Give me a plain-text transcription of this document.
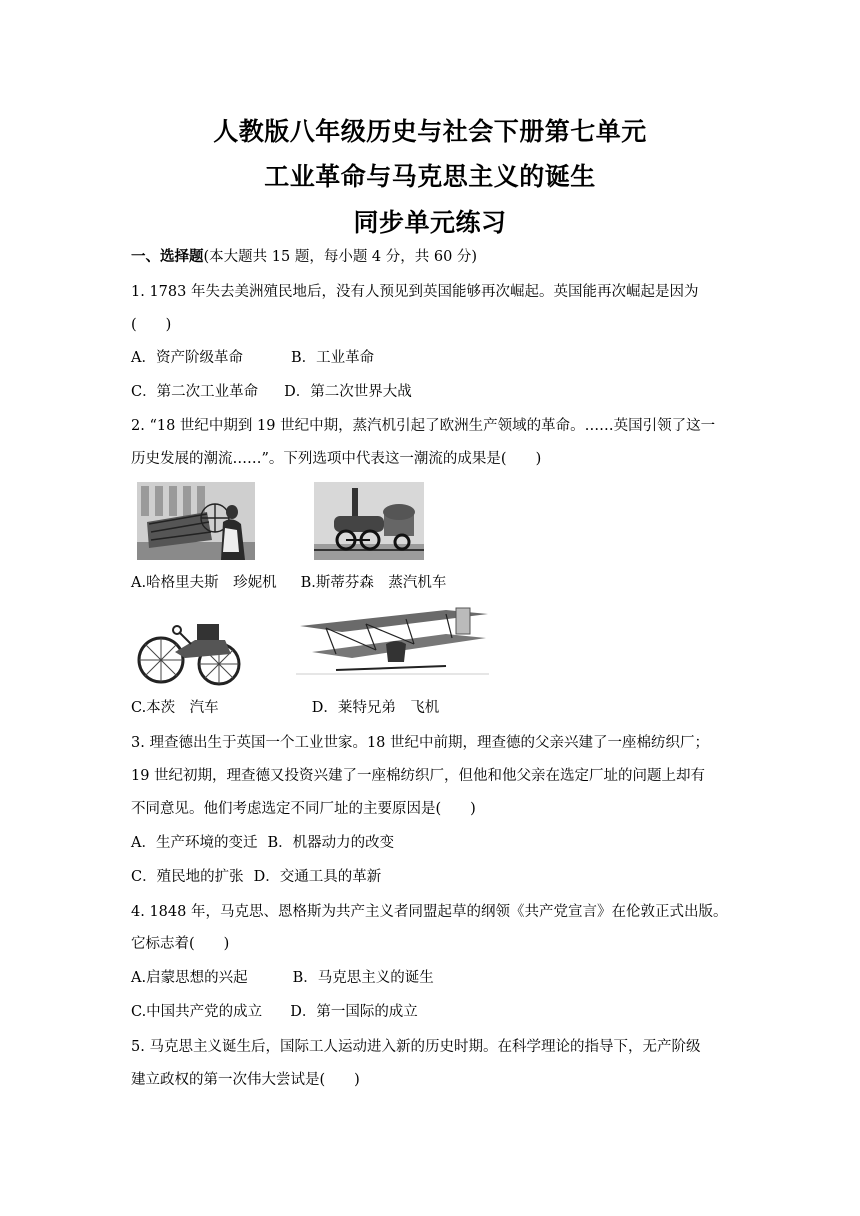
人教版八年级历史与社会下册第七单元
工业革命与马克思主义的诞生
同步单元练习
一、选择题(本大题共 15 题，每小题 4 分，共 60 分)
1. 1783 年失去美洲殖民地后，没有人预见到英国能够再次崛起。英国能再次崛起是因为
(　　)
A．资产阶级革命	B．工业革命
C．第二次工业革命 D．第二次世界大战
2. “18 世纪中期到 19 世纪中期，蒸汽机引起了欧洲生产领域的革命。……英国引领了这一
历史发展的潮流……”。下列选项中代表这一潮流的成果是(　　)
A.哈格里夫斯　珍妮机 B.斯蒂芬森　蒸汽机车
C.本茨　汽车	D．莱特兄弟　飞机
3. 理查德出生于英国一个工业世家。18 世纪中前期，理查德的父亲兴建了一座棉纺织厂；
19 世纪初期，理查德又投资兴建了一座棉纺织厂，但他和他父亲在选定厂址的问题上却有
不同意见。他们考虑选定不同厂址的主要原因是(　　)
A．生产环境的变迁 B．机器动力的改变
C．殖民地的扩张 D．交通工具的革新
4. 1848 年，马克思、恩格斯为共产主义者同盟起草的纲领《共产党宣言》在伦敦正式出版。
它标志着(　　)
A.启蒙思想的兴起	B．马克思主义的诞生
C.中国共产党的成立 D．第一国际的成立
5. 马克思主义诞生后，国际工人运动进入新的历史时期。在科学理论的指导下，无产阶级
建立政权的第一次伟大尝试是(　　)
